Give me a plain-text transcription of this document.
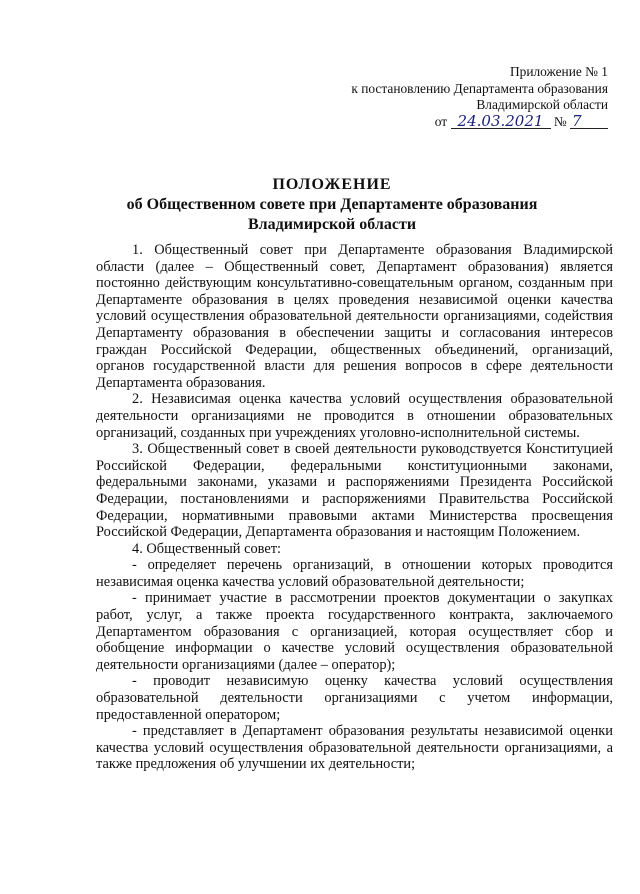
Приложение № 1
к постановлению Департамента образования
Владимирской области
от 24.03.2021 № 7
ПОЛОЖЕНИЕ
об Общественном совете при Департаменте образования
Владимирской области

1. Общественный совет при Департаменте образования Владимирской области (далее – Общественный совет, Департамент образования) является постоянно действующим консультативно-совещательным органом, созданным при Департаменте образования в целях проведения независимой оценки качества условий осуществления образовательной деятельности организациями, содействия Департаменту образования в обеспечении защиты и согласования интересов граждан Российской Федерации, общественных объединений, организаций, органов государственной власти для решения вопросов в сфере деятельности Департамента образования.

2. Независимая оценка качества условий осуществления образовательной деятельности организациями не проводится в отношении образовательных организаций, созданных при учреждениях уголовно-исполнительной системы.

3. Общественный совет в своей деятельности руководствуется Конституцией Российской Федерации, федеральными конституционными законами, федеральными законами, указами и распоряжениями Президента Российской Федерации, постановлениями и распоряжениями Правительства Российской Федерации, нормативными правовыми актами Министерства просвещения Российской Федерации, Департамента образования и настоящим Положением.

4. Общественный совет:

- определяет перечень организаций, в отношении которых проводится независимая оценка качества условий образовательной деятельности;

- принимает участие в рассмотрении проектов документации о закупках работ, услуг, а также проекта государственного контракта, заключаемого Департаментом образования с организацией, которая осуществляет сбор и обобщение информации о качестве условий осуществления образовательной деятельности организациями (далее – оператор);

- проводит независимую оценку качества условий осуществления образовательной деятельности организациями с учетом информации, предоставленной оператором;

- представляет в Департамент образования результаты независимой оценки качества условий осуществления образовательной деятельности организациями, а также предложения об улучшении их деятельности;
